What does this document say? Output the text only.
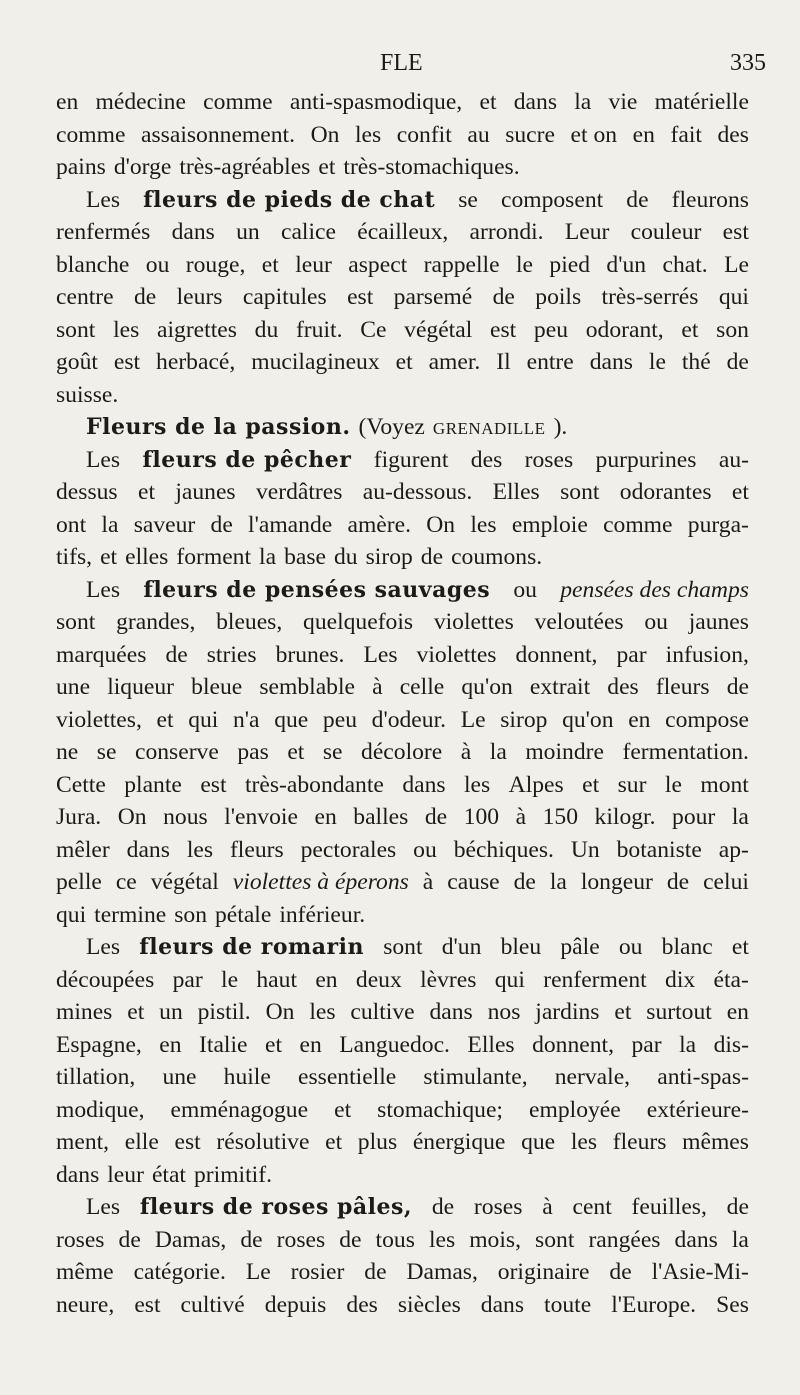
FLE	335
en médecine comme anti-spasmodique, et dans la vie matérielle
comme assaisonnement. On les confit au sucre et on en fait des
pains d'orge très-agréables et très-stomachiques.
Les fleurs de pieds de chat se composent de fleurons
renfermés dans un calice écailleux, arrondi. Leur couleur est
blanche ou rouge, et leur aspect rappelle le pied d'un chat. Le
centre de leurs capitules est parsemé de poils très-serrés qui
sont les aigrettes du fruit. Ce végétal est peu odorant, et son
goût est herbacé, mucilagineux et amer. Il entre dans le thé de
suisse.
Fleurs de la passion. (Voyez grenadille ).
Les fleurs de pêcher figurent des roses purpurines au-
dessus et jaunes verdâtres au-dessous. Elles sont odorantes et
ont la saveur de l'amande amère. On les emploie comme purga-
tifs, et elles forment la base du sirop de coumons.
Les fleurs de pensées sauvages ou pensées des champs
sont grandes, bleues, quelquefois violettes veloutées ou jaunes
marquées de stries brunes. Les violettes donnent, par infusion,
une liqueur bleue semblable à celle qu'on extrait des fleurs de
violettes, et qui n'a que peu d'odeur. Le sirop qu'on en compose
ne se conserve pas et se décolore à la moindre fermentation.
Cette plante est très-abondante dans les Alpes et sur le mont
Jura. On nous l'envoie en balles de 100 à 150 kilogr. pour la
mêler dans les fleurs pectorales ou béchiques. Un botaniste ap-
pelle ce végétal violettes à éperons à cause de la longeur de celui
qui termine son pétale inférieur.
Les fleurs de romarin sont d'un bleu pâle ou blanc et
découpées par le haut en deux lèvres qui renferment dix éta-
mines et un pistil. On les cultive dans nos jardins et surtout en
Espagne, en Italie et en Languedoc. Elles donnent, par la dis-
tillation, une huile essentielle stimulante, nervale, anti-spas-
modique, emménagogue et stomachique; employée extérieure-
ment, elle est résolutive et plus énergique que les fleurs mêmes
dans leur état primitif.
Les fleurs de roses pâles, de roses à cent feuilles, de
roses de Damas, de roses de tous les mois, sont rangées dans la
même catégorie. Le rosier de Damas, originaire de l'Asie-Mi-
neure, est cultivé depuis des siècles dans toute l'Europe. Ses
